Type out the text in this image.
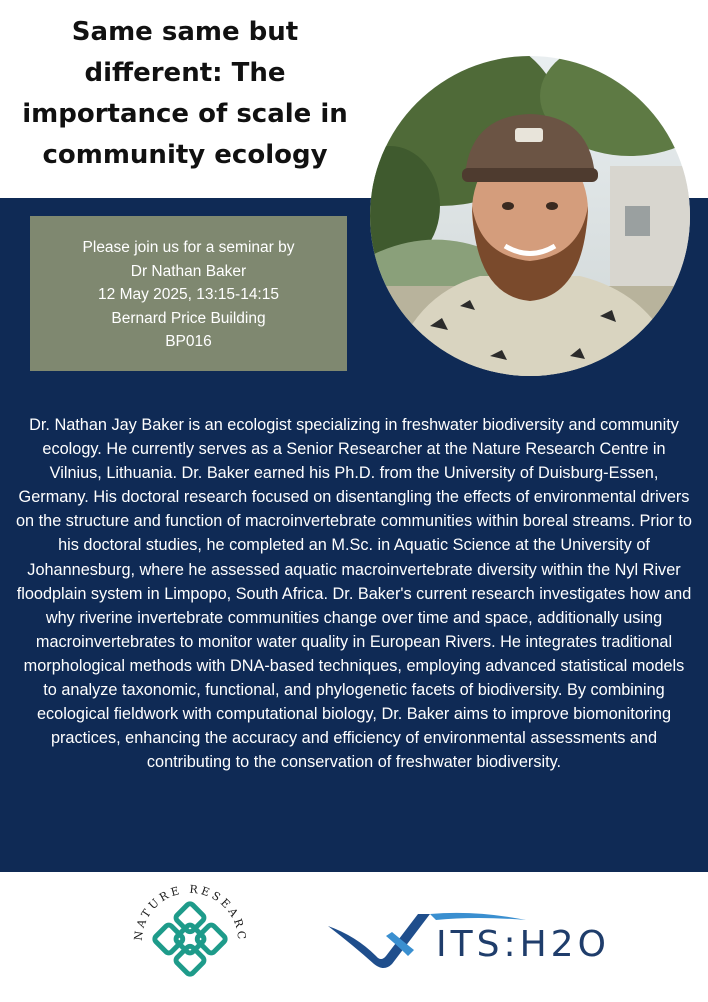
Same same but different: The importance of scale in community ecology
Please join us for a seminar by
Dr Nathan Baker
12 May 2025, 13:15-14:15
Bernard Price Building
BP016

Dr. Nathan Jay Baker is an ecologist specializing in freshwater biodiversity and community ecology. He currently serves as a Senior Researcher at the Nature Research Centre in Vilnius, Lithuania. Dr. Baker earned his Ph.D. from the University of Duisburg-Essen, Germany. His doctoral research focused on disentangling the effects of environmental drivers on the structure and function of macroinvertebrate communities within boreal streams. Prior to his doctoral studies, he completed an M.Sc. in Aquatic Science at the University of Johannesburg, where he assessed aquatic macroinvertebrate diversity within the Nyl River floodplain system in Limpopo, South Africa. Dr. Baker's current research investigates how and why riverine invertebrate communities change over time and space, additionally using macroinvertebrates to monitor water quality in European Rivers. He integrates traditional morphological methods with DNA-based techniques, employing advanced statistical models to analyze taxonomic, functional, and phylogenetic facets of biodiversity. By combining ecological fieldwork with computational biology, Dr. Baker aims to improve biomonitoring practices, enhancing the accuracy and efficiency of environmental assessments and contributing to the conservation of freshwater biodiversity.

NATURE RESEARC	ITS:H2O
